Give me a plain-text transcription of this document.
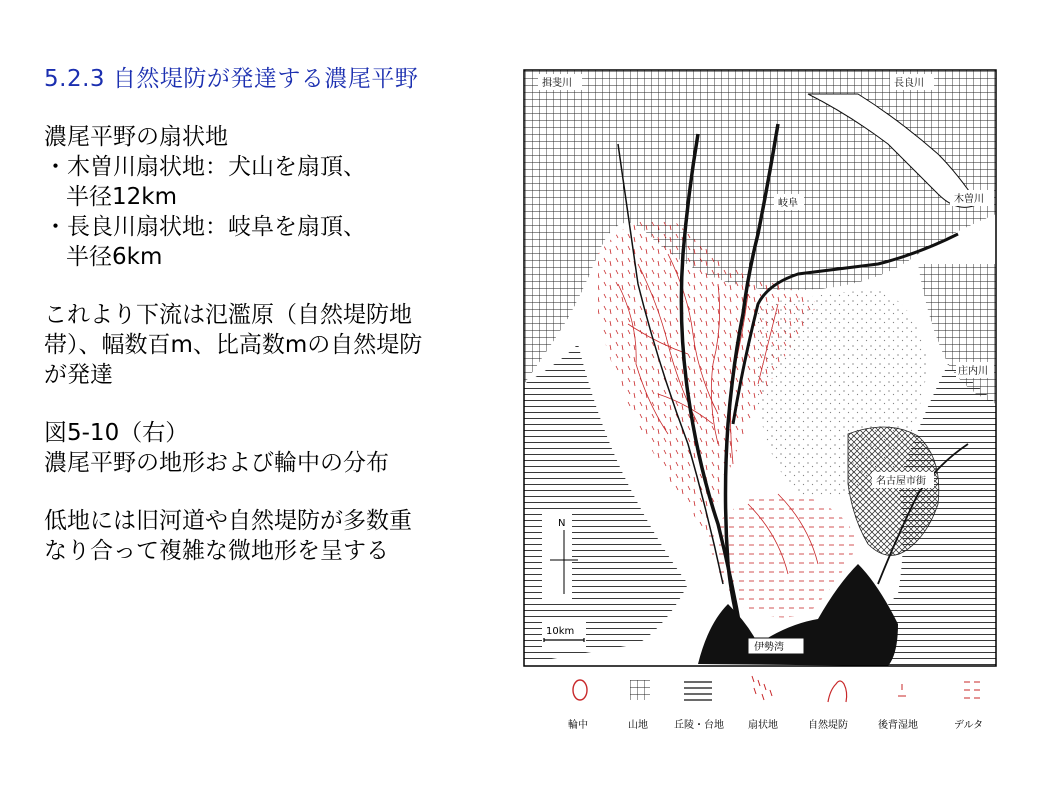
5.2.3 自然堤防が発達する濃尾平野
濃尾平野の扇状地
・木曽川扇状地：犬山を扇頂、
半径12km
・長良川扇状地：岐阜を扇頂、
半径6km
これより下流は氾濫原（自然堤防地
帯）、幅数百m、比高数mの自然堤防
が発達
図5-10（右）
濃尾平野の地形および輪中の分布
低地には旧河道や自然堤防が多数重
なり合って複雑な微地形を呈する
揖斐川	長良川
岐阜	木曽川
庄内川
名古屋市街
伊勢湾
N
10km
輪中	山地	丘陵・台地 扇状地	自然堤防	後背湿地	デルタ
